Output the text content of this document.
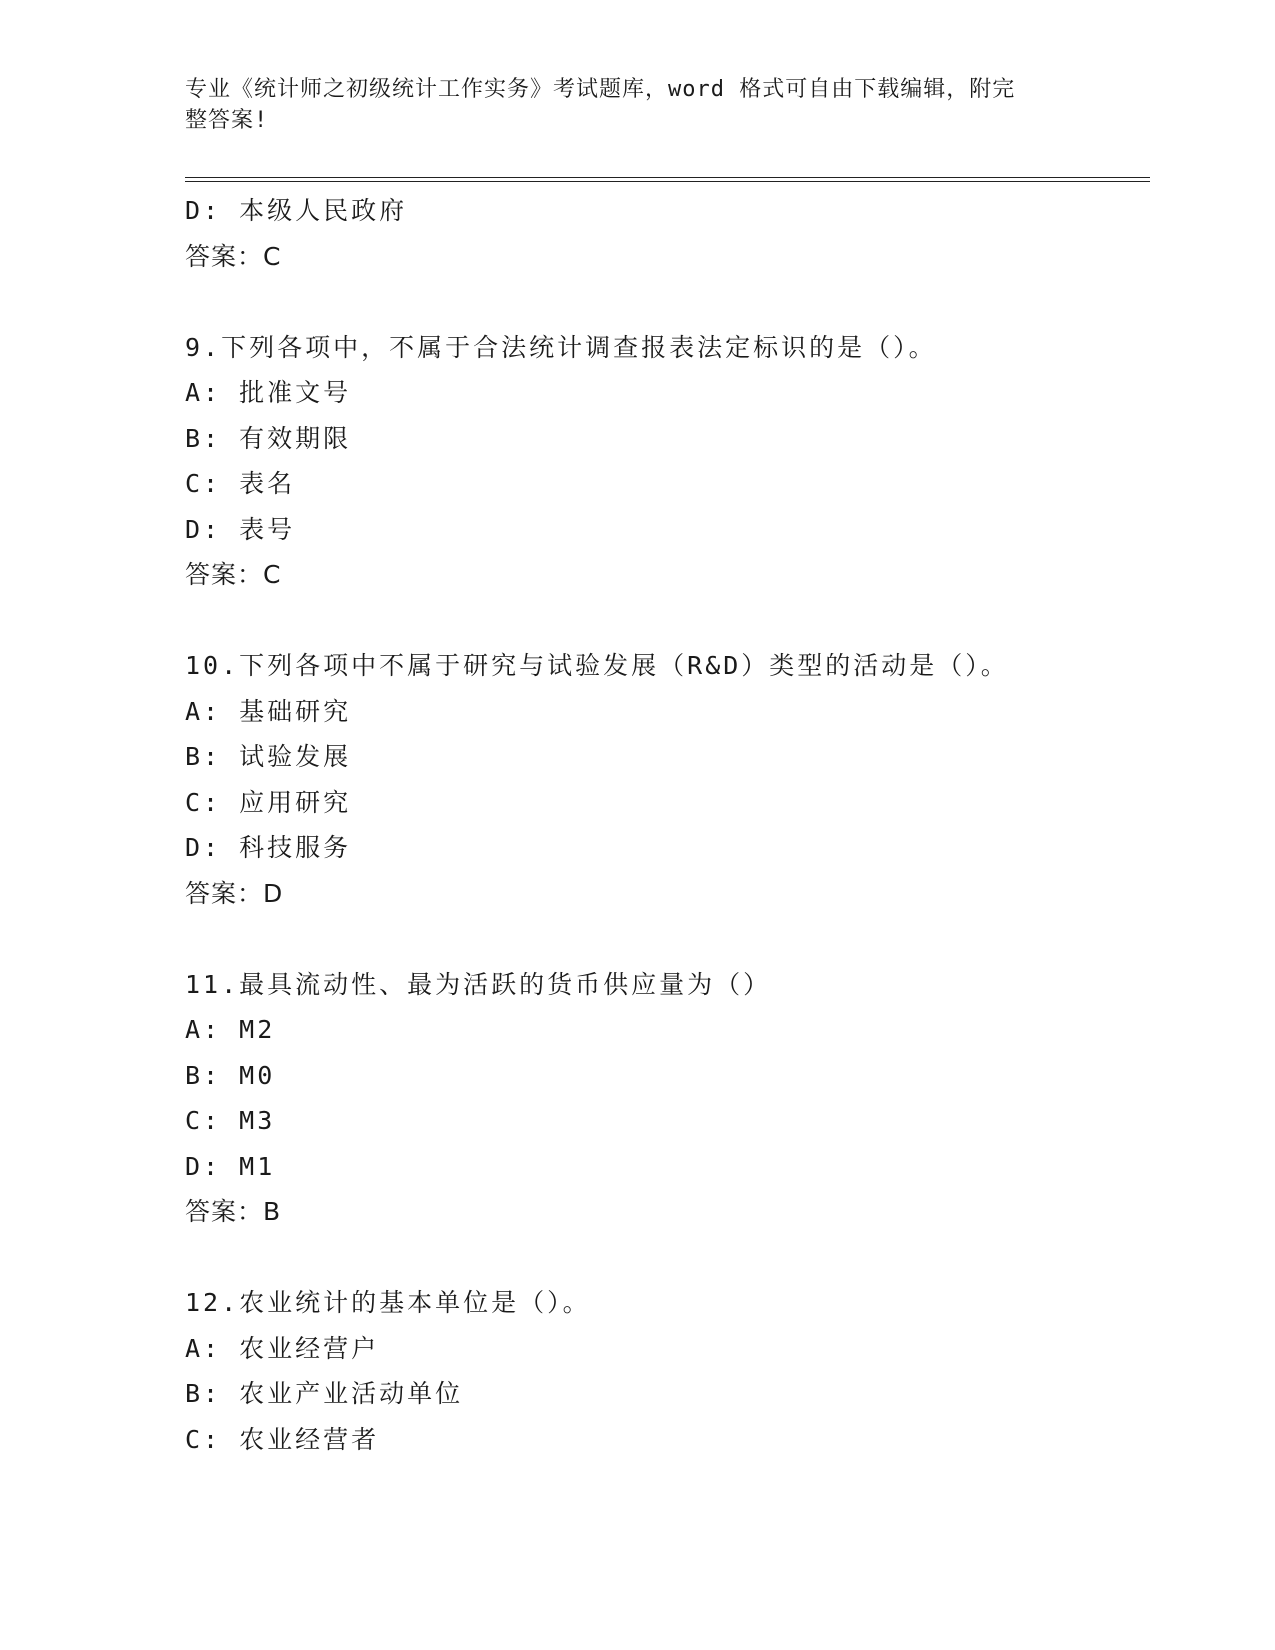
专业《统计师之初级统计工作实务》考试题库，word 格式可自由下载编辑，附完
整答案!
D: 本级人民政府
答案：C
9.下列各项中，不属于合法统计调查报表法定标识的是（）。
A: 批准文号
B: 有效期限
C: 表名
D: 表号
答案：C
10.下列各项中不属于研究与试验发展（R&D）类型的活动是（）。
A: 基础研究
B: 试验发展
C: 应用研究
D: 科技服务
答案：D
11.最具流动性、最为活跃的货币供应量为（）
A: M2
B: M0
C: M3
D: M1
答案：B
12.农业统计的基本单位是（）。
A: 农业经营户
B: 农业产业活动单位
C: 农业经营者
